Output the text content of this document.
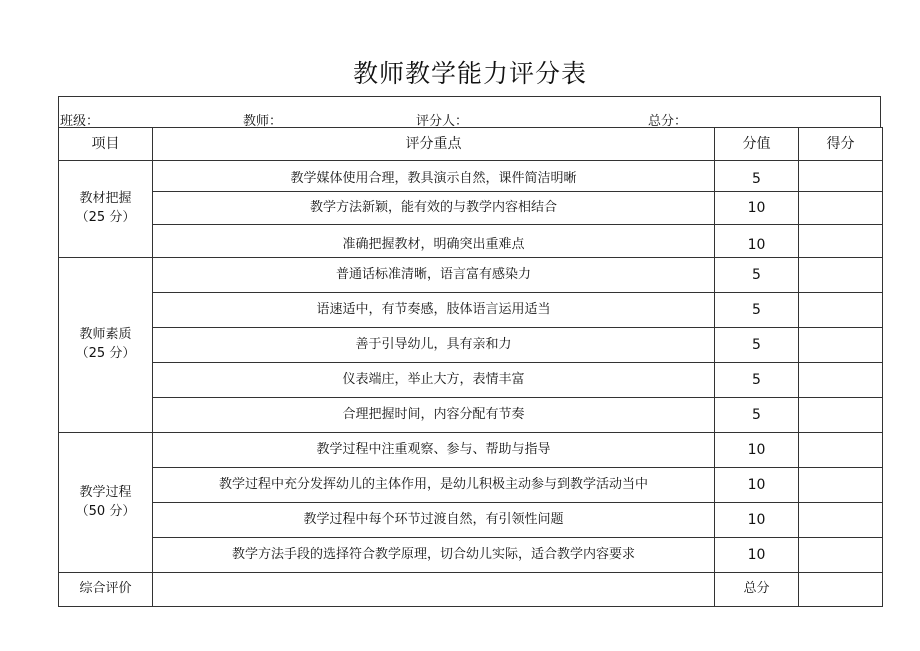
教师教学能力评分表
班级：	教师：	评分人：	总分：
项目	评分重点	分值	得分

教材把握
（25 分）	教学媒体使用合理，教具演示自然，课件简洁明晰	5	
	教学方法新颖，能有效的与教学内容相结合	10	
	准确把握教材，明确突出重难点	10	

教师素质
（25 分）	普通话标准清晰，语言富有感染力	5	
	语速适中，有节奏感，肢体语言运用适当	5	
	善于引导幼儿，具有亲和力	5	
	仪表端庄，举止大方，表情丰富	5	
	合理把握时间，内容分配有节奏	5	

教学过程
（50 分）	教学过程中注重观察、参与、帮助与指导	10	
	教学过程中充分发挥幼儿的主体作用，是幼儿积极主动参与到教学活动当中	10	
	教学过程中每个环节过渡自然，有引领性问题	10	
	教学方法手段的选择符合教学原理，切合幼儿实际，适合教学内容要求	10	
综合评价		总分	
